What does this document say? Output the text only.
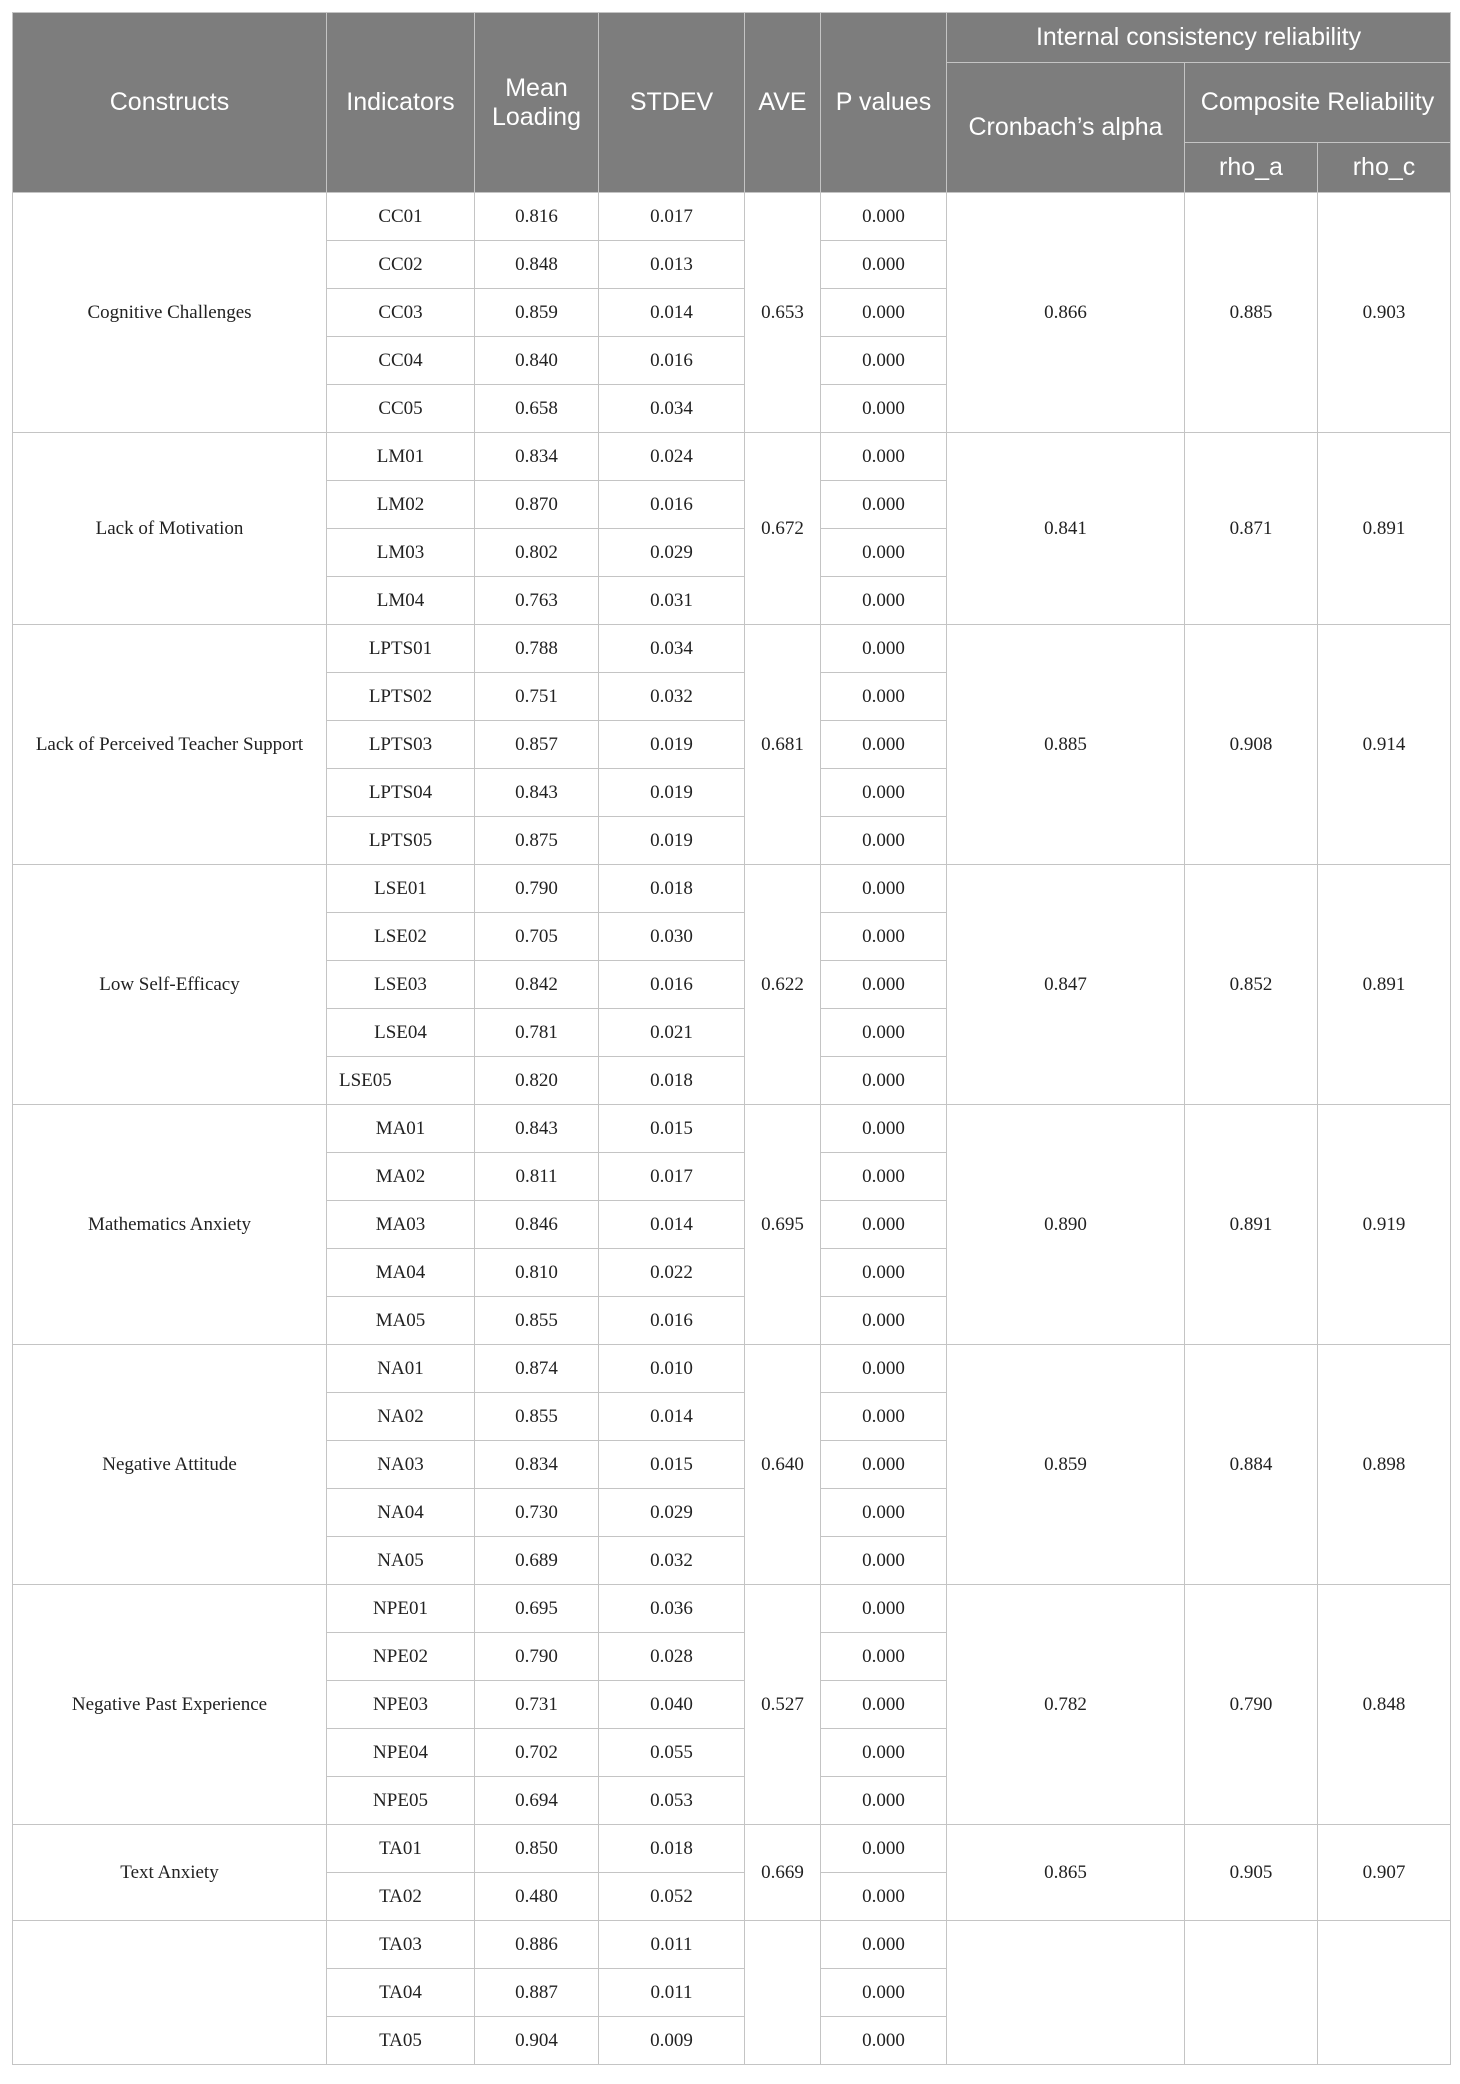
Constructs	Indicators	Mean Loading	STDEV	AVE	P values	Internal consistency reliability		
						Cronbach’s alpha	Composite Reliability	
							rho_a	rho_c
Cognitive Challenges	CC01	0.816	0.017	0.653	0.000	0.866	0.885	0.903
	CC02	0.848	0.013		0.000			
	CC03	0.859	0.014		0.000			
	CC04	0.840	0.016		0.000			
	CC05	0.658	0.034		0.000			
Lack of Motivation	LM01	0.834	0.024	0.672	0.000	0.841	0.871	0.891
	LM02	0.870	0.016		0.000			
	LM03	0.802	0.029		0.000			
	LM04	0.763	0.031		0.000			
Lack of Perceived Teacher Support	LPTS01	0.788	0.034	0.681	0.000	0.885	0.908	0.914
	LPTS02	0.751	0.032		0.000			
	LPTS03	0.857	0.019		0.000			
	LPTS04	0.843	0.019		0.000			
	LPTS05	0.875	0.019		0.000			
Low Self-Efficacy	LSE01	0.790	0.018	0.622	0.000	0.847	0.852	0.891
	LSE02	0.705	0.030		0.000			
	LSE03	0.842	0.016		0.000			
	LSE04	0.781	0.021		0.000			
	LSE05	0.820	0.018		0.000			
Mathematics Anxiety	MA01	0.843	0.015	0.695	0.000	0.890	0.891	0.919
	MA02	0.811	0.017		0.000			
	MA03	0.846	0.014		0.000			
	MA04	0.810	0.022		0.000			
	MA05	0.855	0.016		0.000			
Negative Attitude	NA01	0.874	0.010	0.640	0.000	0.859	0.884	0.898
	NA02	0.855	0.014		0.000			
	NA03	0.834	0.015		0.000			
	NA04	0.730	0.029		0.000			
	NA05	0.689	0.032		0.000			
Negative Past Experience	NPE01	0.695	0.036	0.527	0.000	0.782	0.790	0.848
	NPE02	0.790	0.028		0.000			
	NPE03	0.731	0.040		0.000			
	NPE04	0.702	0.055		0.000			
	NPE05	0.694	0.053		0.000			
Text Anxiety	TA01	0.850	0.018	0.669	0.000	0.865	0.905	0.907
	TA02	0.480	0.052		0.000			
	TA03	0.886	0.011		0.000			
	TA04	0.887	0.011		0.000			
	TA05	0.904	0.009		0.000			
